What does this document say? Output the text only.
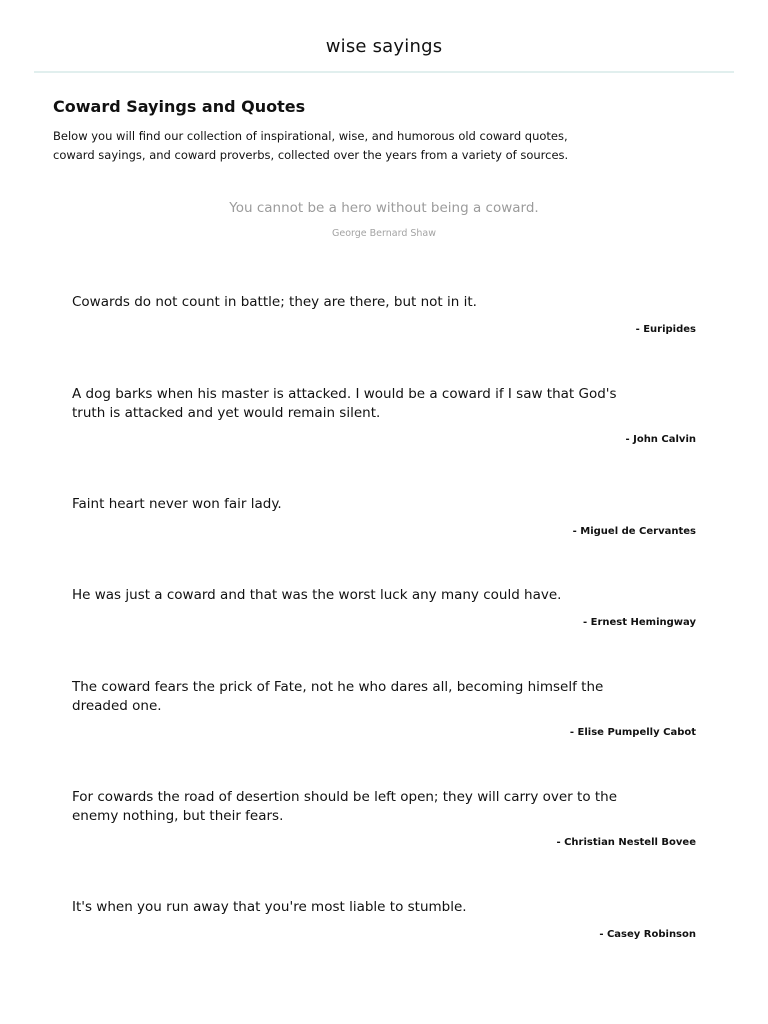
wise sayings
Coward Sayings and Quotes
Below you will find our collection of inspirational, wise, and humorous old coward quotes,
coward sayings, and coward proverbs, collected over the years from a variety of sources.

You cannot be a hero without being a coward.

George Bernard Shaw

Cowards do not count in battle; they are there, but not in it.

- Euripides

A dog barks when his master is attacked. I would be a coward if I saw that God's truth is attacked and yet would remain silent.

- John Calvin

Faint heart never won fair lady.

- Miguel de Cervantes

He was just a coward and that was the worst luck any many could have.

- Ernest Hemingway

The coward fears the prick of Fate, not he who dares all, becoming himself the dreaded one.

- Elise Pumpelly Cabot

For cowards the road of desertion should be left open; they will carry over to the enemy nothing, but their fears.

- Christian Nestell Bovee

It's when you run away that you're most liable to stumble.

- Casey Robinson
